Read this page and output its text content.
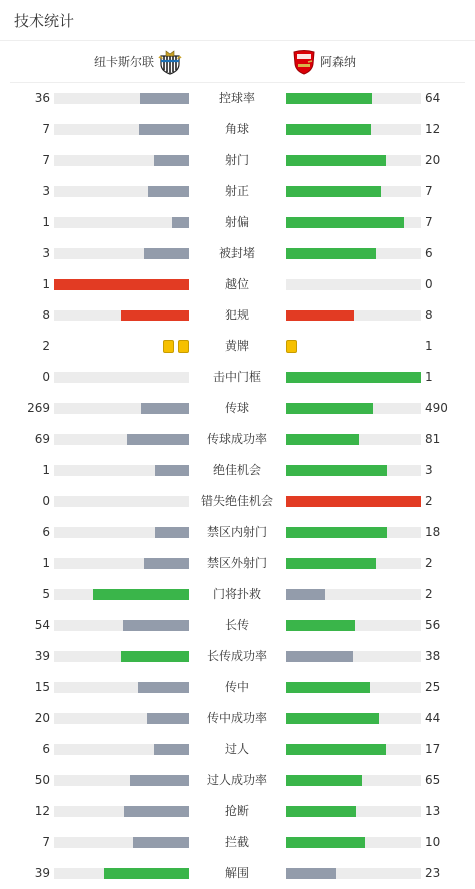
技术统计
纽卡斯尔联	阿森纳
36	控球率	64
7	角球	12
7	射门	20
3	射正	7
1	射偏	7
3	被封堵	6
1	越位	0
8	犯规	8
2	黄牌	1
0	击中门框	1
269	传球	490
69	传球成功率	81
1	绝佳机会	3
0	错失绝佳机会	2
6	禁区内射门	18
1	禁区外射门	2
5	门将扑救	2
54	长传	56
39	长传成功率	38
15	传中	25
20	传中成功率	44
6	过人	17
50	过人成功率	65
12	抢断	13
7	拦截	10
39	解围	23
